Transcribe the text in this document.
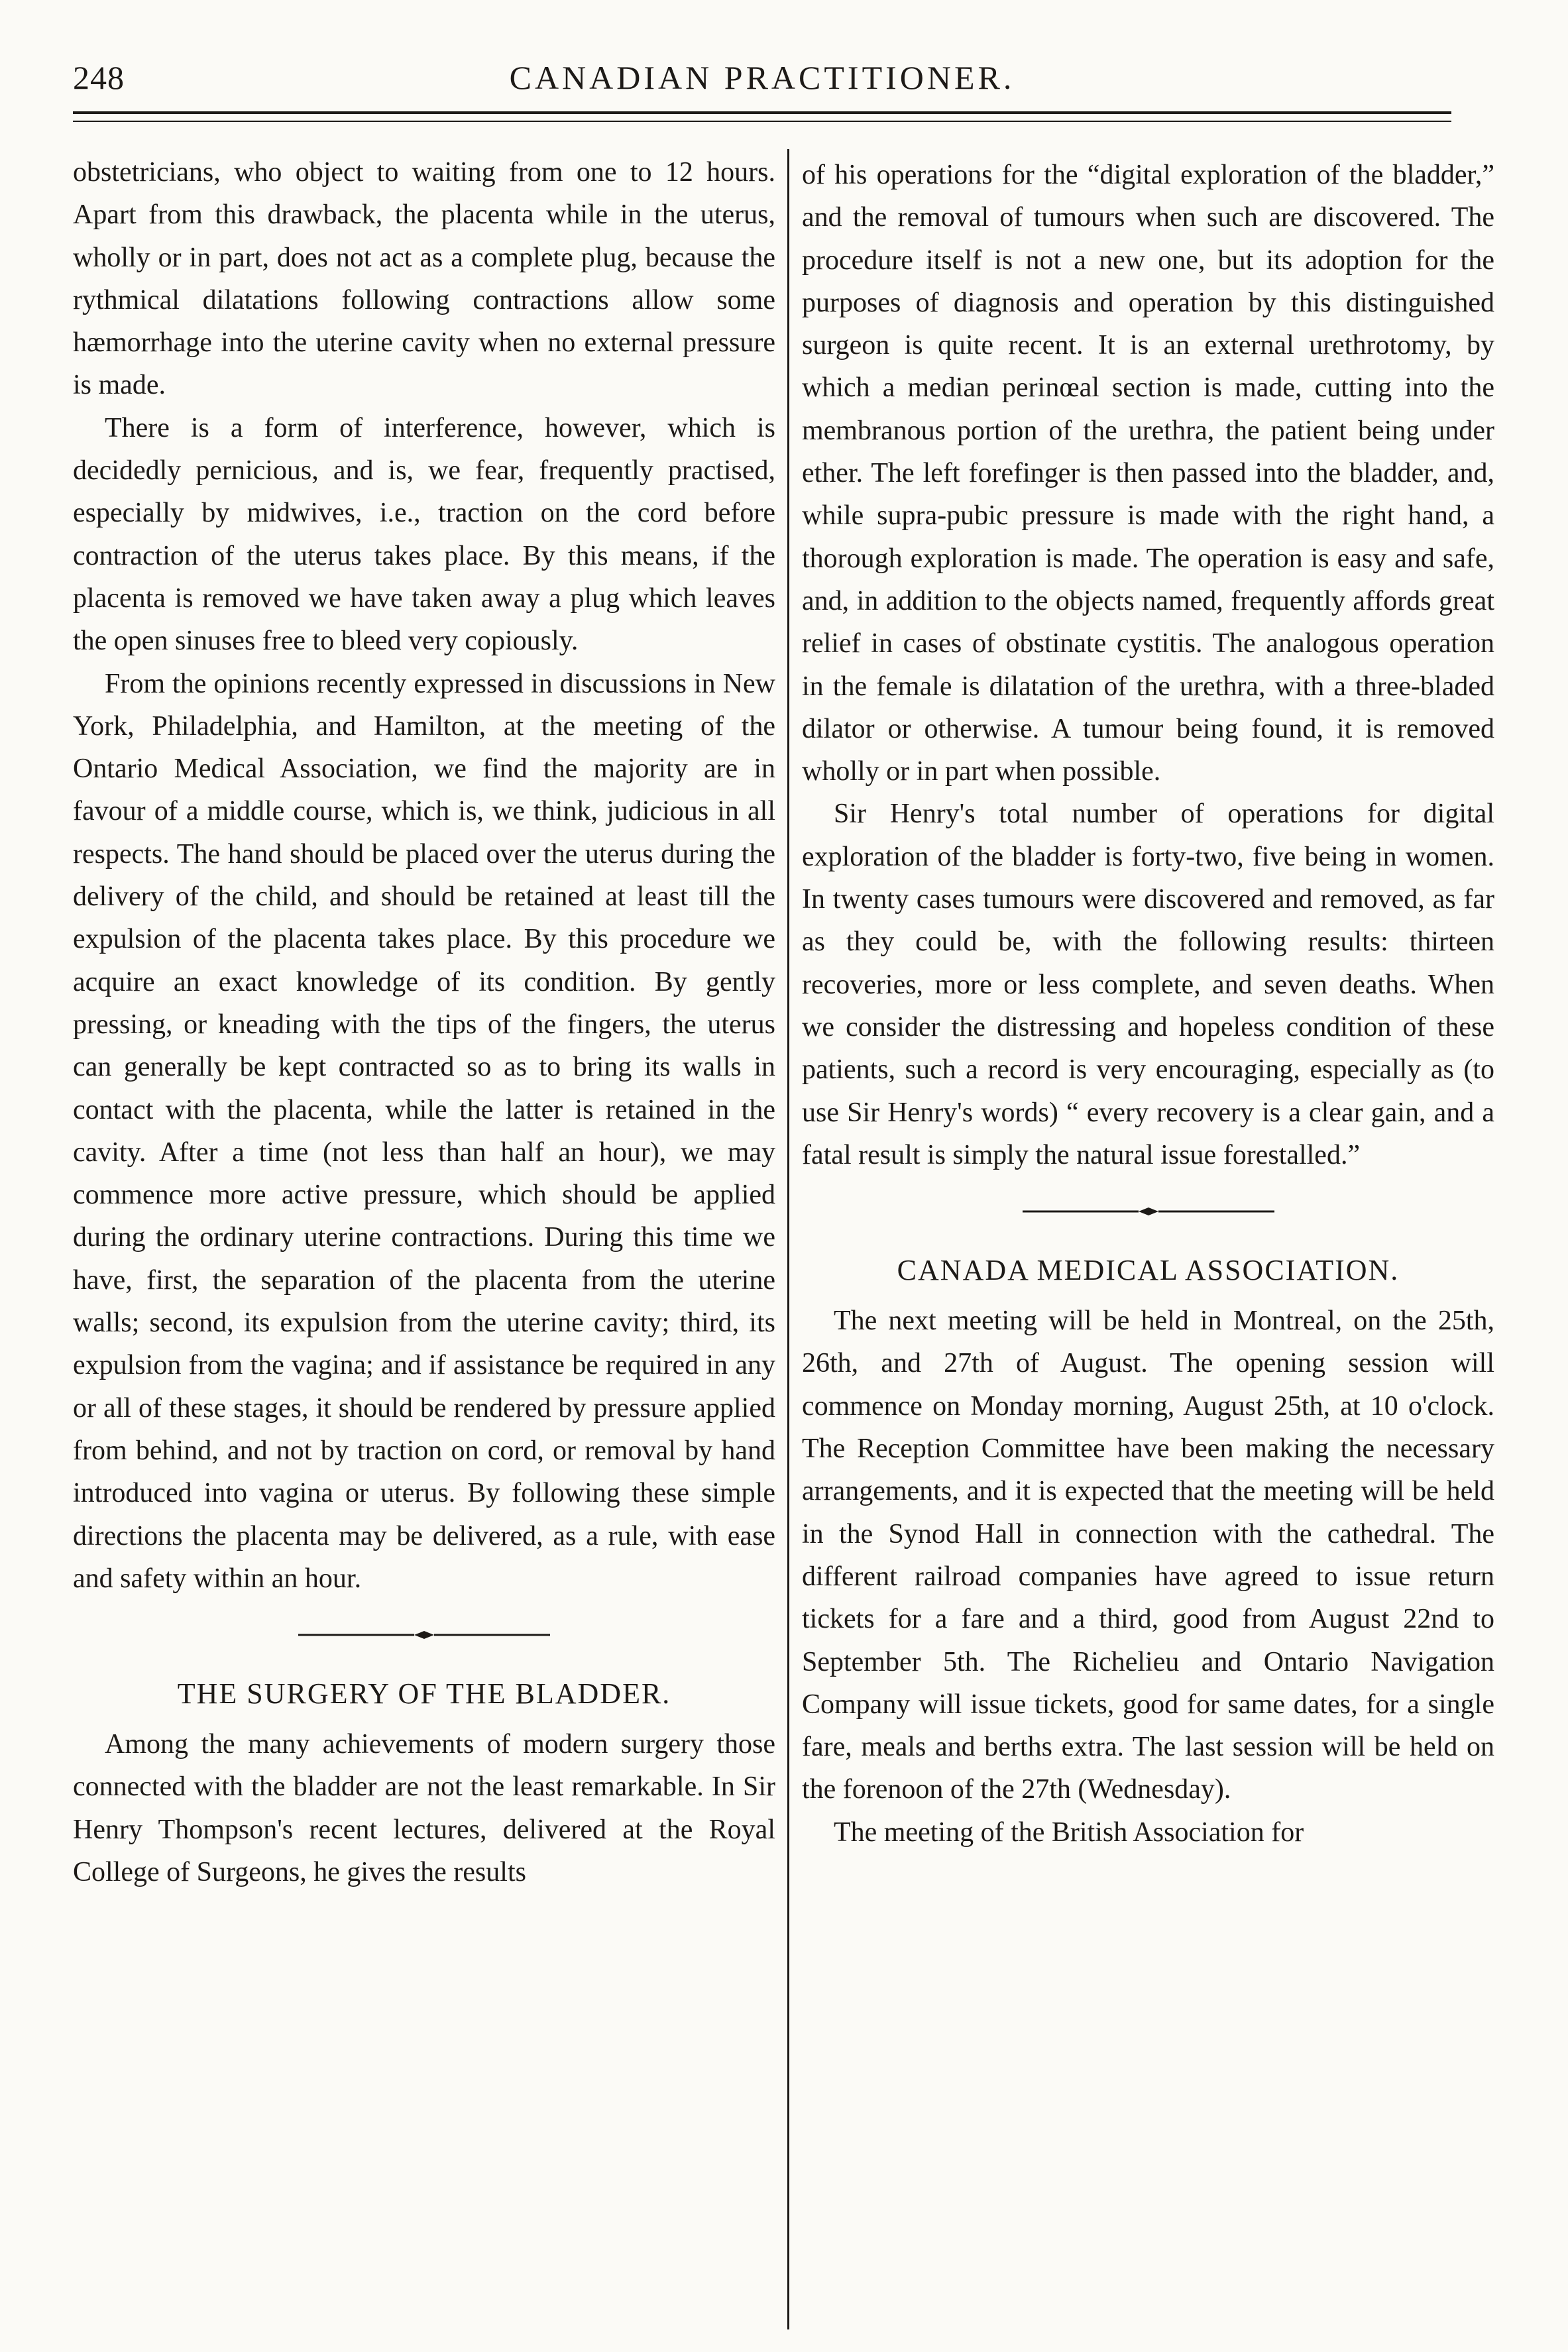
248	CANADIAN PRACTITIONER.

obstetricians, who object to waiting from one to 12 hours. Apart from this drawback, the placenta while in the uterus, wholly or in part, does not act as a complete plug, because the rythmical dilatations following contractions allow some hæmorrhage into the uterine cavity when no external pressure is made.

There is a form of interference, however, which is decidedly pernicious, and is, we fear, frequently practised, especially by midwives, i.e., traction on the cord before contraction of the uterus takes place. By this means, if the placenta is removed we have taken away a plug which leaves the open sinuses free to bleed very copiously.

From the opinions recently expressed in discussions in New York, Philadelphia, and Hamilton, at the meeting of the Ontario Medical Association, we find the majority are in favour of a middle course, which is, we think, judicious in all respects. The hand should be placed over the uterus during the delivery of the child, and should be retained at least till the expulsion of the placenta takes place. By this procedure we acquire an exact knowledge of its condition. By gently pressing, or kneading with the tips of the fingers, the uterus can generally be kept contracted so as to bring its walls in contact with the placenta, while the latter is retained in the cavity. After a time (not less than half an hour), we may commence more active pressure, which should be applied during the ordinary uterine contractions. During this time we have, first, the separation of the placenta from the uterine walls; second, its expulsion from the uterine cavity; third, its expulsion from the vagina; and if assistance be required in any or all of these stages, it should be rendered by pressure applied from behind, and not by traction on cord, or removal by hand introduced into vagina or uterus. By following these simple directions the placenta may be delivered, as a rule, with ease and safety within an hour.

THE SURGERY OF THE BLADDER.

Among the many achievements of modern surgery those connected with the bladder are not the least remarkable. In Sir Henry Thompson's recent lectures, delivered at the Royal College of Surgeons, he gives the results

of his operations for the “digital exploration of the bladder,” and the removal of tumours when such are discovered. The procedure itself is not a new one, but its adoption for the purposes of diagnosis and operation by this distinguished surgeon is quite recent. It is an external urethrotomy, by which a median perinœal section is made, cutting into the membranous portion of the urethra, the patient being under ether. The left forefinger is then passed into the bladder, and, while supra-pubic pressure is made with the right hand, a thorough exploration is made. The operation is easy and safe, and, in addition to the objects named, frequently affords great relief in cases of obstinate cystitis. The analogous operation in the female is dilatation of the urethra, with a three-bladed dilator or otherwise. A tumour being found, it is removed wholly or in part when possible.

Sir Henry's total number of operations for digital exploration of the bladder is forty-two, five being in women. In twenty cases tumours were discovered and removed, as far as they could be, with the following results: thirteen recoveries, more or less complete, and seven deaths. When we consider the distressing and hopeless condition of these patients, such a record is very encouraging, especially as (to use Sir Henry's words) “ every recovery is a clear gain, and a fatal result is simply the natural issue forestalled.”

CANADA MEDICAL ASSOCIATION.

The next meeting will be held in Montreal, on the 25th, 26th, and 27th of August. The opening session will commence on Monday morning, August 25th, at 10 o'clock. The Reception Committee have been making the necessary arrangements, and it is expected that the meeting will be held in the Synod Hall in connection with the cathedral. The different railroad companies have agreed to issue return tickets for a fare and a third, good from August 22nd to September 5th. The Richelieu and Ontario Navigation Company will issue tickets, good for same dates, for a single fare, meals and berths extra. The last session will be held on the forenoon of the 27th (Wednesday).

The meeting of the British Association for
